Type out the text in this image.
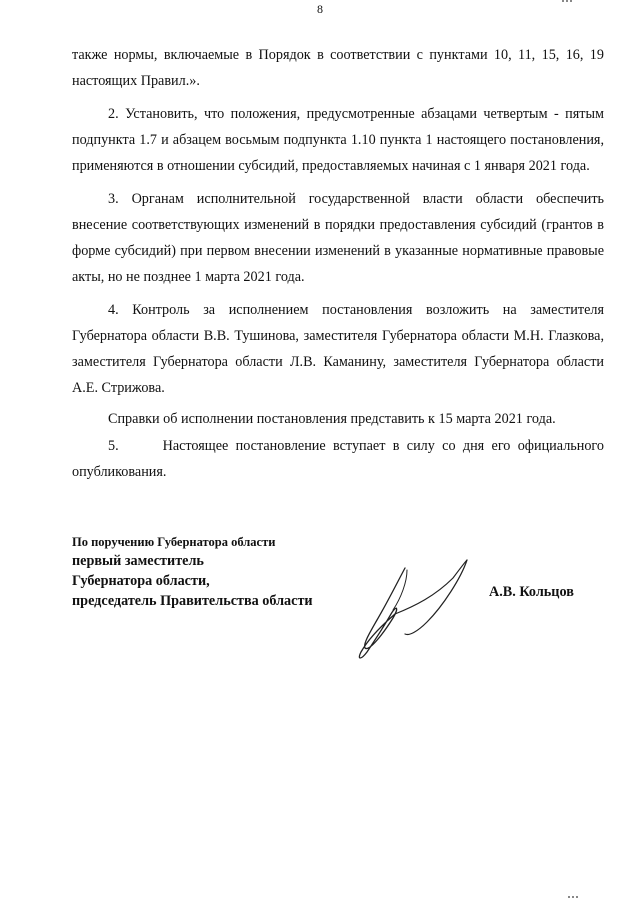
8

также нормы, включаемые в Порядок в соответствии с пунктами 10, 11, 15, 16, 19 настоящих Правил.».

2. Установить, что положения, предусмотренные абзацами четвертым - пятым подпункта 1.7 и абзацем восьмым подпункта 1.10 пункта 1 настоящего постановления, применяются в отношении субсидий, предоставляемых начиная с 1 января 2021 года.

3. Органам исполнительной государственной власти области обеспечить внесение соответствующих изменений в порядки предоставления субсидий (грантов в форме субсидий) при первом внесении изменений в указанные нормативные правовые акты, но не позднее 1 марта 2021 года.

4. Контроль за исполнением постановления возложить на заместителя Губернатора области В.В. Тушинова, заместителя Губернатора области М.Н. Глазкова, заместителя Губернатора области Л.В. Каманину, заместителя Губернатора области А.Е. Стрижова.

Справки об исполнении постановления представить к 15 марта 2021 года.

5.      Настоящее постановление вступает в силу со дня его официального опубликования.

По поручению Губернатора области
первый заместитель
Губернатора области,
председатель Правительства области
А.В. Кольцов
